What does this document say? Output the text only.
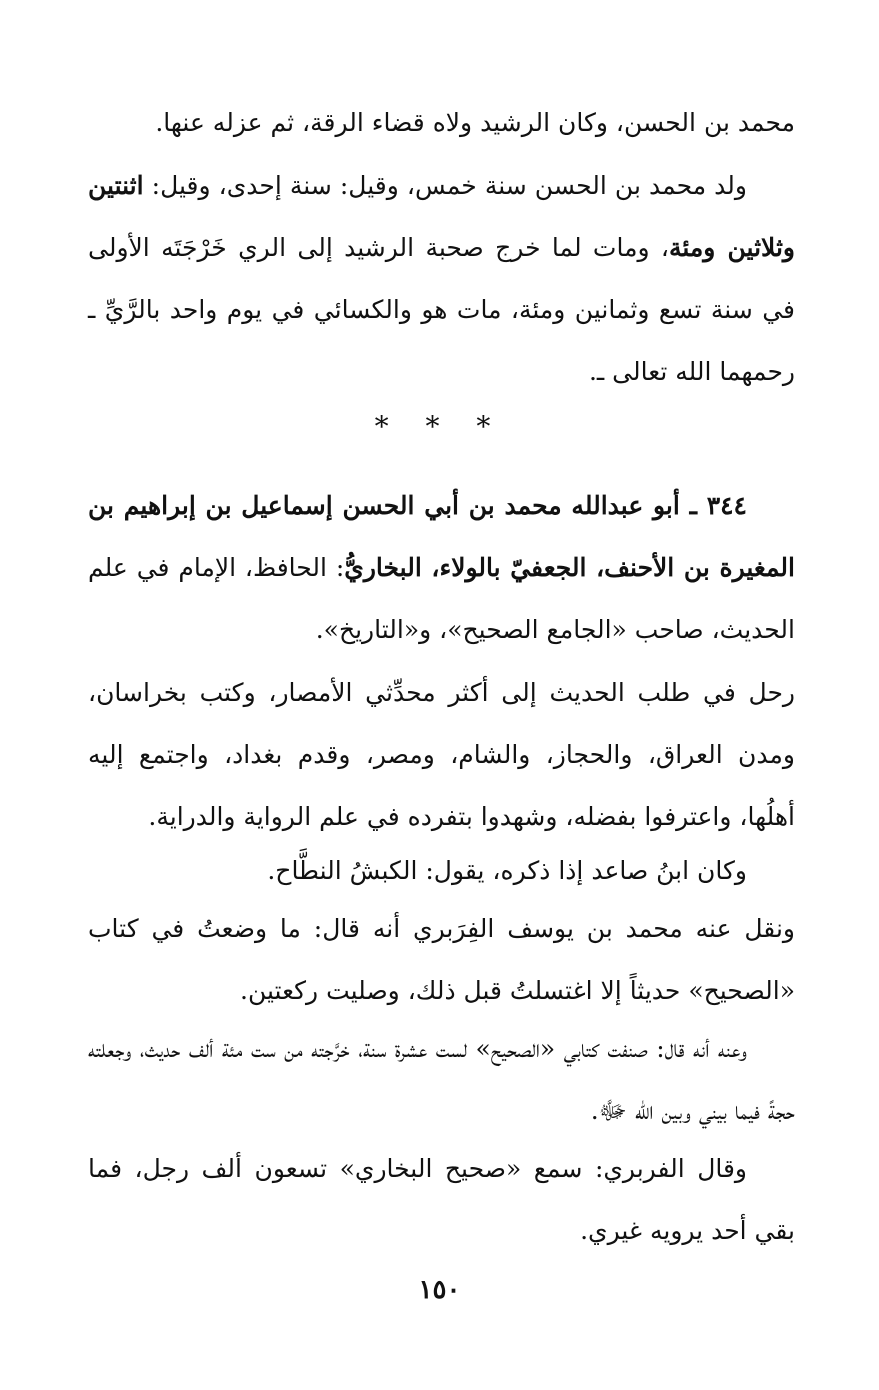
محمد بن الحسن، وكان الرشيد ولاه قضاء الرقة، ثم عزله عنها.

ولد محمد بن الحسن سنة خمس، وقيل: سنة إحدى، وقيل: اثنتين وثلاثين ومئة، ومات لما خرج صحبة الرشيد إلى الري خَرْجَتَه الأولى في سنة تسع وثمانين ومئة، مات هو والكسائي في يوم واحد بالرَّيِّ ـ رحمهما الله تعالى ـ.

* * *

٣٤٤ ـ أبو عبدالله محمد بن أبي الحسن إسماعيل بن إبراهيم بن المغيرة بن الأحنف، الجعفيّ بالولاء، البخاريُّ: الحافظ، الإمام في علم الحديث، صاحب «الجامع الصحيح»، و«التاريخ».

رحل في طلب الحديث إلى أكثر محدِّثي الأمصار، وكتب بخراسان، ومدن العراق، والحجاز، والشام، ومصر، وقدم بغداد، واجتمع إليه أهلُها، واعترفوا بفضله، وشهدوا بتفرده في علم الرواية والدراية.

وكان ابنُ صاعد إذا ذكره، يقول: الكبشُ النطَّاح.

ونقل عنه محمد بن يوسف الفِرَبري أنه قال: ما وضعتُ في كتاب «الصحيح» حديثاً إلا اغتسلتُ قبل ذلك، وصليت ركعتين.

وعنه أنه قال: صنفت كتابي «الصحيح» لست عشرة سنة، خرَّجته من ست مئة ألف حديث، وجعلته حجةً فيما بيني وبين الله ﷻ.

وقال الفربري: سمع «صحيح البخاري» تسعون ألف رجل، فما بقي أحد يرويه غيري.

١٥٠
